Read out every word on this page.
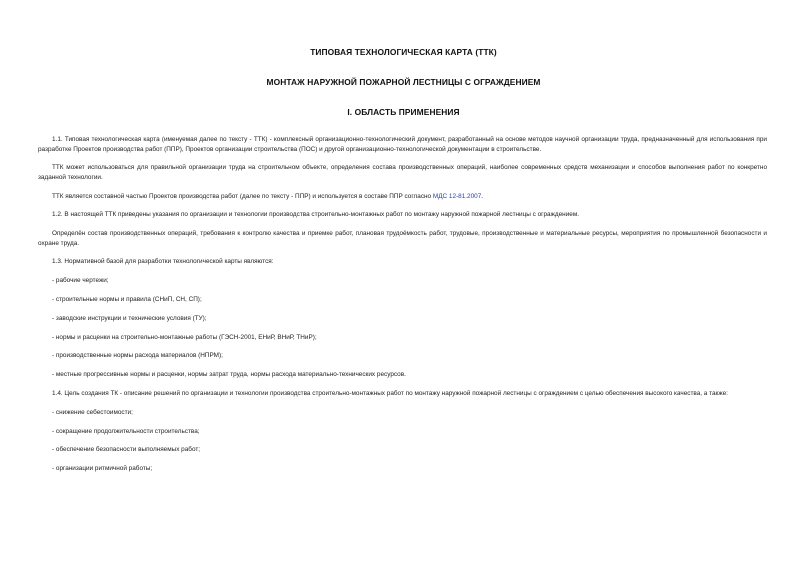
ТИПОВАЯ ТЕХНОЛОГИЧЕСКАЯ КАРТА (ТТК)
МОНТАЖ НАРУЖНОЙ ПОЖАРНОЙ ЛЕСТНИЦЫ С ОГРАЖДЕНИЕМ
I. ОБЛАСТЬ ПРИМЕНЕНИЯ

1.1. Типовая технологическая карта (именуемая далее по тексту - ТТК) - комплексный организационно-технологический документ, разработанный на основе методов научной организации труда, предназначенный для использования при разработке Проектов производства работ (ППР), Проектов организации строительства (ПОС) и другой организационно-технологической документации в строительстве.

ТТК может использоваться для правильной организации труда на строительном объекте, определения состава производственных операций, наиболее современных средств механизации и способов выполнения работ по конкретно заданной технологии.

ТТК является составной частью Проектов производства работ (далее по тексту - ППР) и используется в составе ППР согласно МДС 12-81.2007.

1.2. В настоящей ТТК приведены указания по организации и технологии производства строительно-монтажных работ по монтажу наружной пожарной лестницы с ограждением.

Определён состав производственных операций, требования к контролю качества и приемке работ, плановая трудоёмкость работ, трудовые, производственные и материальные ресурсы, мероприятия по промышленной безопасности и охране труда.

1.3. Нормативной базой для разработки технологической карты являются:

- рабочие чертежи;

- строительные нормы и правила (СНиП, СН, СП);

- заводские инструкции и технические условия (ТУ);

- нормы и расценки на строительно-монтажные работы (ГЭСН-2001, ЕНиР, ВНиР, ТНиР);

- производственные нормы расхода материалов (НПРМ);

- местные прогрессивные нормы и расценки, нормы затрат труда, нормы расхода материально-технических ресурсов.

1.4. Цель создания ТК - описание решений по организации и технологии производства строительно-монтажных работ по монтажу наружной пожарной лестницы с ограждением с целью обеспечения высокого качества, а также:

- снижение себестоимости;

- сокращение продолжительности строительства;

- обеспечение безопасности выполняемых работ;

- организации ритмичной работы;
